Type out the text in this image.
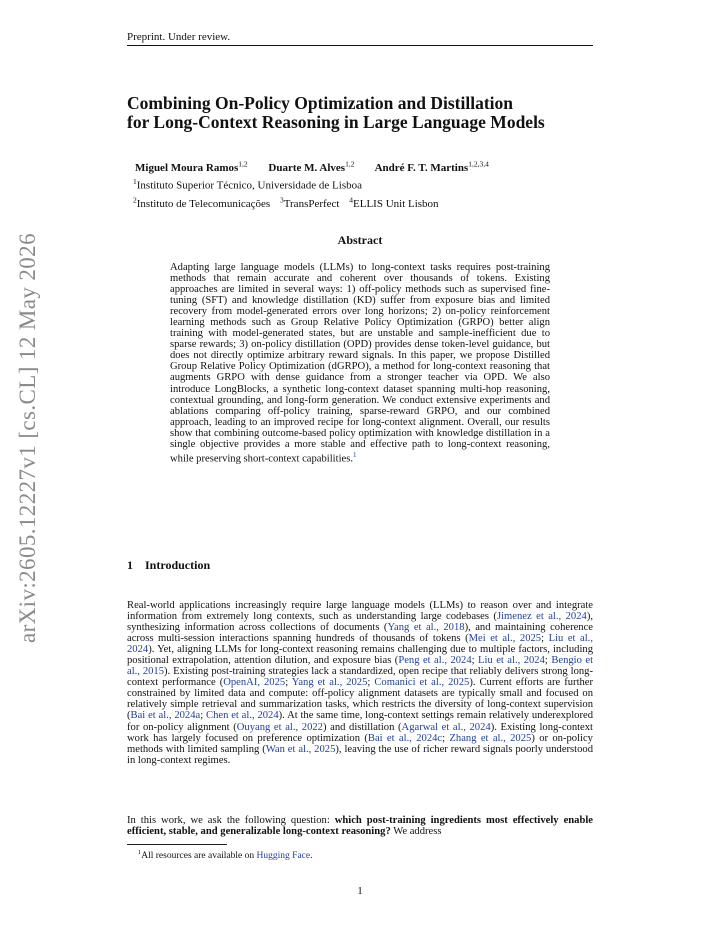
Preprint. Under review.
arXiv:2605.12227v1 [cs.CL] 12 May 2026
Combining On-Policy Optimization and Distillation
for Long-Context Reasoning in Large Language Models
Miguel Moura Ramos$^{1,2}$ Duarte M. Alves$^{1,2}$ André F. T. Martins$^{1,2,3,4}$
$^1$Instituto Superior Técnico, Universidade de Lisboa
$^2$Instituto de Telecomunicações $^3$TransPerfect $^4$ELLIS Unit Lisbon
Abstract
Adapting large language models (LLMs) to long-context tasks requires post-training methods that remain accurate and coherent over thousands of tokens. Existing approaches are limited in several ways: 1) off-policy methods such as supervised fine-tuning (SFT) and knowledge distillation (KD) suffer from exposure bias and limited recovery from model-generated errors over long horizons; 2) on-policy reinforcement learning methods such as Group Relative Policy Optimization (GRPO) better align training with model-generated states, but are unstable and sample-inefficient due to sparse rewards; 3) on-policy distillation (OPD) provides dense token-level guidance, but does not directly optimize arbitrary reward signals. In this paper, we propose Distilled Group Relative Policy Optimization (dGRPO), a method for long-context reasoning that augments GRPO with dense guidance from a stronger teacher via OPD. We also introduce LongBlocks, a synthetic long-context dataset spanning multi-hop reasoning, contextual grounding, and long-form generation. We conduct extensive experiments and ablations comparing off-policy training, sparse-reward GRPO, and our combined approach, leading to an improved recipe for long-context alignment. Overall, our results show that combining outcome-based policy optimization with knowledge distillation in a single objective provides a more stable and effective path to long-context reasoning, while preserving short-context capabilities.$^1$
1 Introduction
Real-world applications increasingly require large language models (LLMs) to reason over and integrate information from extremely long contexts, such as understanding large codebases (Jimenez et al., 2024), synthesizing information across collections of documents (Yang et al., 2018), and maintaining coherence across multi-session interactions spanning hundreds of thousands of tokens (Mei et al., 2025; Liu et al., 2024). Yet, aligning LLMs for long-context reasoning remains challenging due to multiple factors, including positional extrapolation, attention dilution, and exposure bias (Peng et al., 2024; Liu et al., 2024; Bengio et al., 2015). Existing post-training strategies lack a standardized, open recipe that reliably delivers strong long-context performance (OpenAI, 2025; Yang et al., 2025; Comanici et al., 2025). Current efforts are further constrained by limited data and compute: off-policy alignment datasets are typically small and focused on relatively simple retrieval and summarization tasks, which restricts the diversity of long-context supervision (Bai et al., 2024a; Chen et al., 2024). At the same time, long-context settings remain relatively underexplored for on-policy alignment (Ouyang et al., 2022) and distillation (Agarwal et al., 2024). Existing long-context work has largely focused on preference optimization (Bai et al., 2024c; Zhang et al., 2025) or on-policy methods with limited sampling (Wan et al., 2025), leaving the use of richer reward signals poorly understood in long-context regimes.
In this work, we ask the following question: which post-training ingredients most effectively enable efficient, stable, and generalizable long-context reasoning? We address
$^1$All resources are available on Hugging Face.
1
